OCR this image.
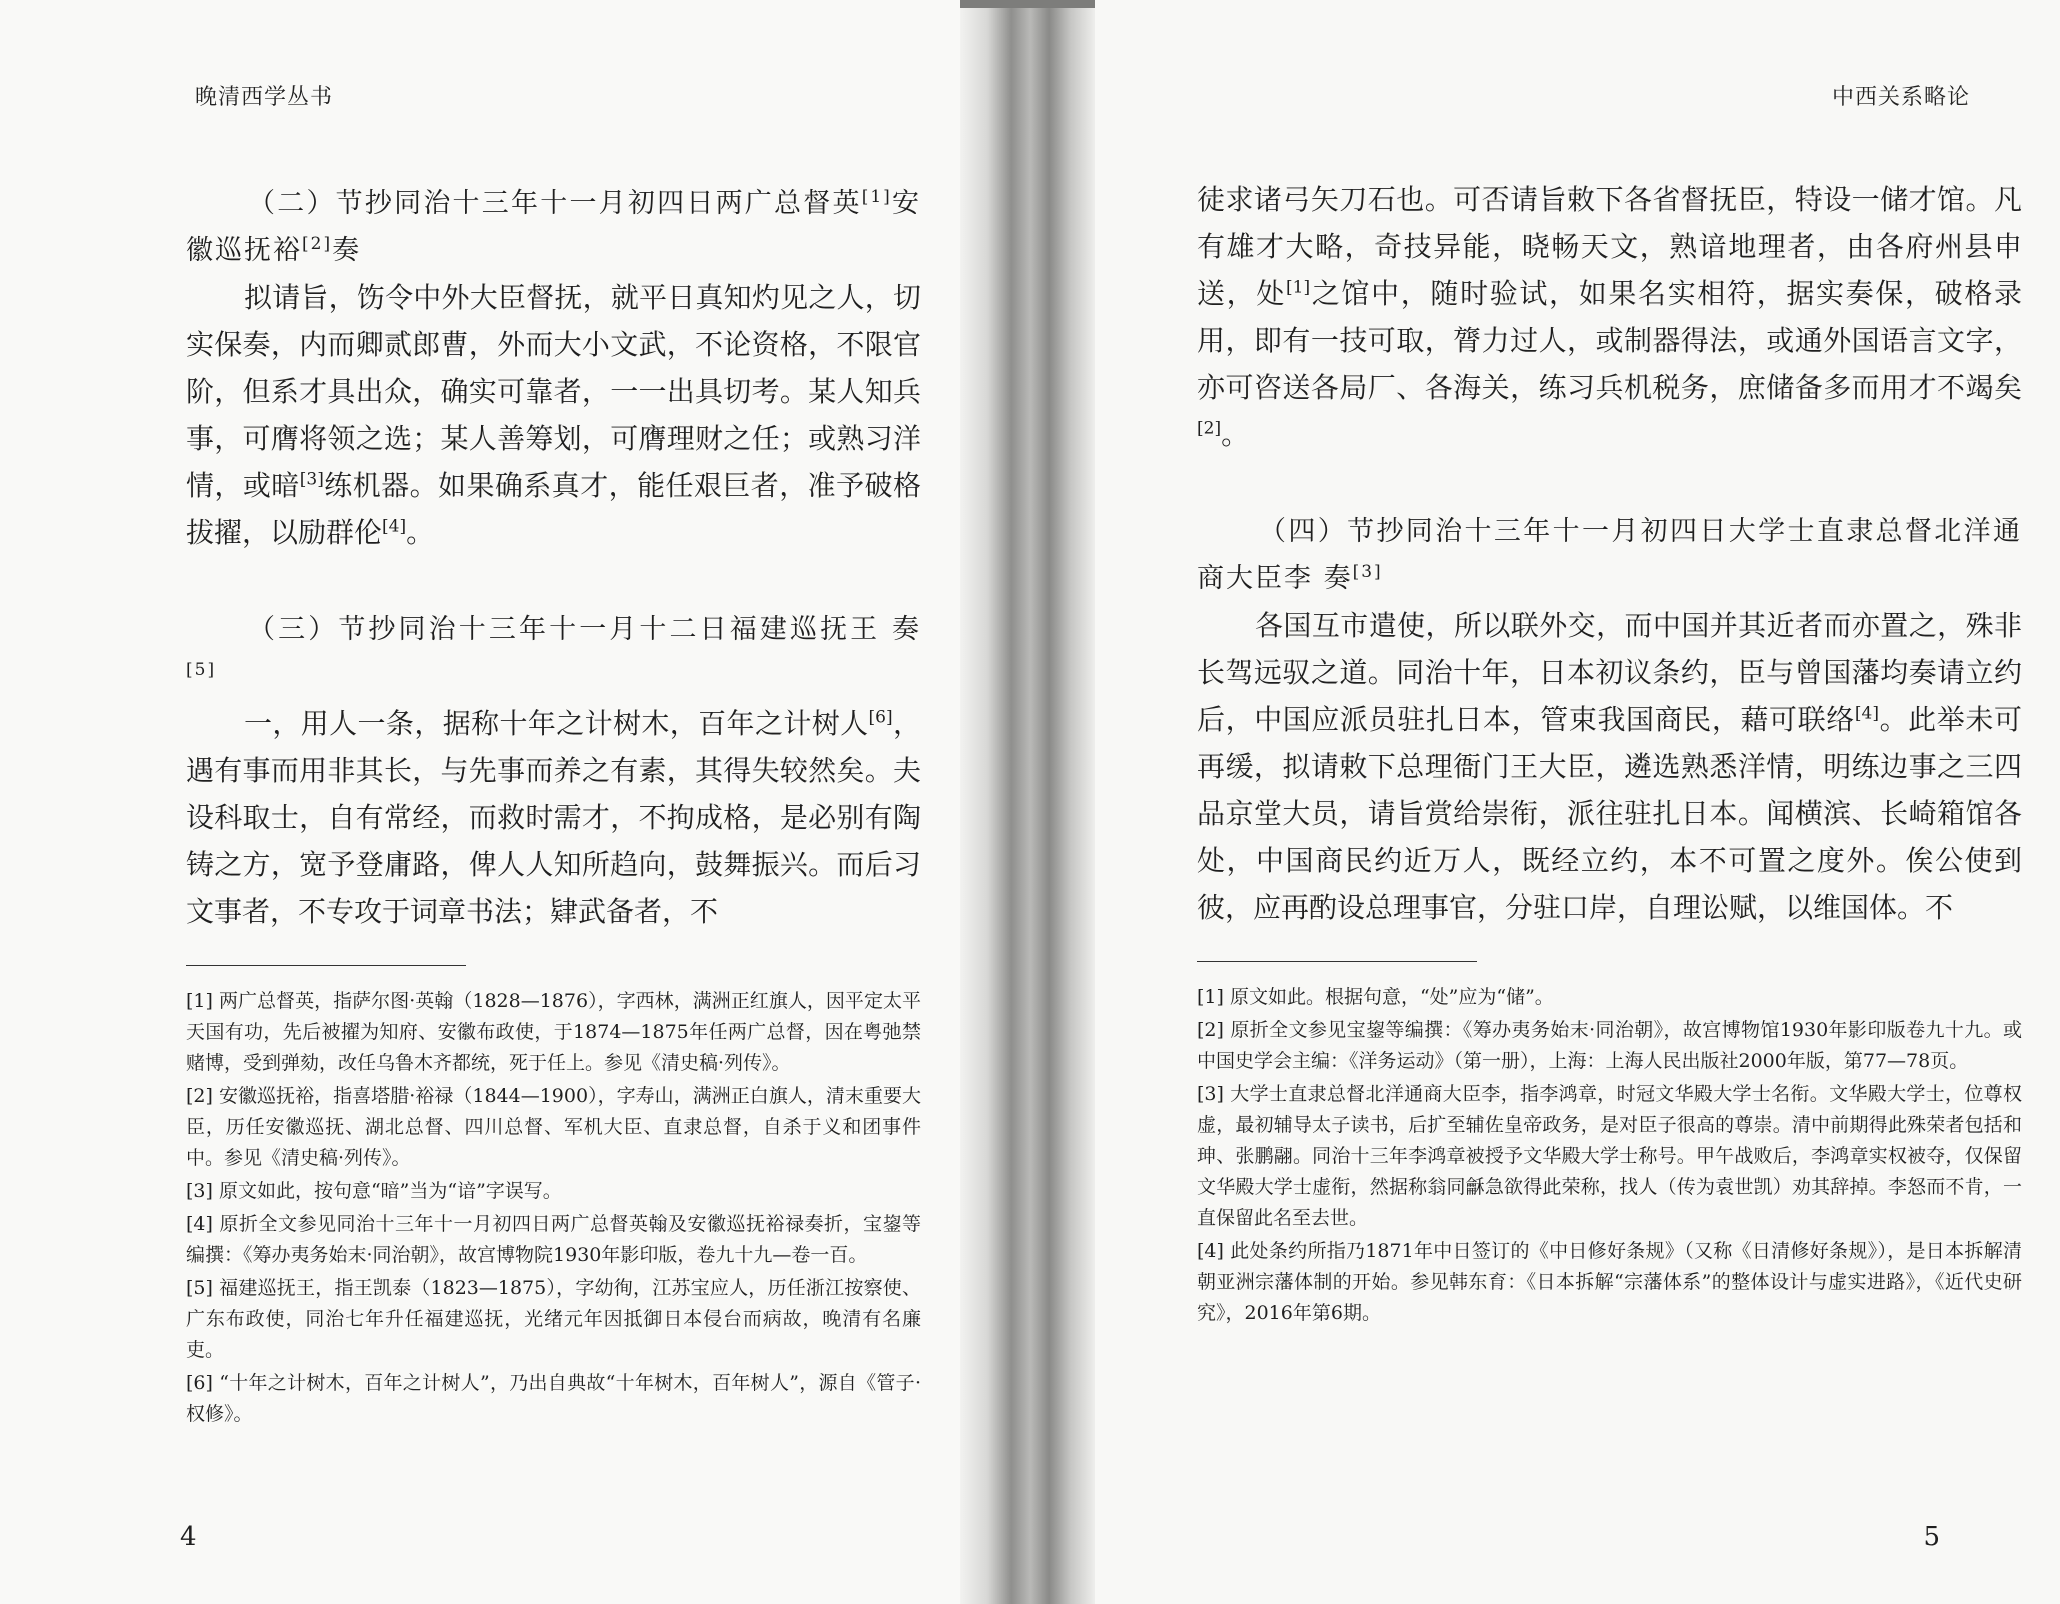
晚清西学丛书

（二）节抄同治十三年十一月初四日两广总督英[1]安徽巡抚裕[2]奏

拟请旨，饬令中外大臣督抚，就平日真知灼见之人，切实保奏，内而卿贰郎曹，外而大小文武，不论资格，不限官阶，但系才具出众，确实可靠者，一一出具切考。某人知兵事，可膺将领之选；某人善筹划，可膺理财之任；或熟习洋情，或暗[3]练机器。如果确系真才，能任艰巨者，准予破格拔擢，以励群伦[4]。

（三）节抄同治十三年十一月十二日福建巡抚王 奏[5]

一，用人一条，据称十年之计树木，百年之计树人[6]，遇有事而用非其长，与先事而养之有素，其得失较然矣。夫设科取士，自有常经，而救时需才，不拘成格，是必别有陶铸之方，宽予登庸路，俾人人知所趋向，鼓舞振兴。而后习文事者，不专攻于词章书法；肄武备者，不

[1] 两广总督英，指萨尔图·英翰（1828—1876），字西林，满洲正红旗人，因平定太平天国有功，先后被擢为知府、安徽布政使，于1874—1875年任两广总督，因在粤弛禁赌博，受到弹劾，改任乌鲁木齐都统，死于任上。参见《清史稿·列传》。

[2] 安徽巡抚裕，指喜塔腊·裕禄（1844—1900），字寿山，满洲正白旗人，清末重要大臣，历任安徽巡抚、湖北总督、四川总督、军机大臣、直隶总督，自杀于义和团事件中。参见《清史稿·列传》。

[3] 原文如此，按句意“暗”当为“谙”字误写。

[4] 原折全文参见同治十三年十一月初四日两广总督英翰及安徽巡抚裕禄奏折，宝鋆等编撰：《筹办夷务始末·同治朝》，故宫博物院1930年影印版，卷九十九—卷一百。

[5] 福建巡抚王，指王凯泰（1823—1875），字幼徇，江苏宝应人，历任浙江按察使、广东布政使，同治七年升任福建巡抚，光绪元年因抵御日本侵台而病故，晚清有名廉吏。

[6] “十年之计树木，百年之计树人”，乃出自典故“十年树木，百年树人”，源自《管子·权修》。

4
中西关系略论

徒求诸弓矢刀石也。可否请旨敕下各省督抚臣，特设一储才馆。凡有雄才大略，奇技异能，晓畅天文，熟谙地理者，由各府州县申送，处[1]之馆中，随时验试，如果名实相符，据实奏保，破格录用，即有一技可取，膂力过人，或制器得法，或通外国语言文字，亦可咨送各局厂、各海关，练习兵机税务，庶储备多而用才不竭矣[2]。

（四）节抄同治十三年十一月初四日大学士直隶总督北洋通商大臣李 奏[3]

各国互市遣使，所以联外交，而中国并其近者而亦置之，殊非长驾远驭之道。同治十年，日本初议条约，臣与曾国藩均奏请立约后，中国应派员驻扎日本，管束我国商民，藉可联络[4]。此举未可再缓，拟请敕下总理衙门王大臣，遴选熟悉洋情，明练边事之三四品京堂大员，请旨赏给崇衔，派往驻扎日本。闻横滨、长崎箱馆各处，中国商民约近万人，既经立约，本不可置之度外。俟公使到彼，应再酌设总理事官，分驻口岸，自理讼赋，以维国体。不

[1] 原文如此。根据句意，“处”应为“储”。

[2] 原折全文参见宝鋆等编撰：《筹办夷务始末·同治朝》，故宫博物馆1930年影印版卷九十九。或中国史学会主编：《洋务运动》（第一册），上海：上海人民出版社2000年版，第77—78页。

[3] 大学士直隶总督北洋通商大臣李，指李鸿章，时冠文华殿大学士名衔。文华殿大学士，位尊权虚，最初辅导太子读书，后扩至辅佐皇帝政务，是对臣子很高的尊崇。清中前期得此殊荣者包括和珅、张鹏翮。同治十三年李鸿章被授予文华殿大学士称号。甲午战败后，李鸿章实权被夺，仅保留文华殿大学士虚衔，然据称翁同龢急欲得此荣称，找人（传为袁世凯）劝其辞掉。李怒而不肯，一直保留此名至去世。

[4] 此处条约所指乃1871年中日签订的《中日修好条规》（又称《日清修好条规》），是日本拆解清朝亚洲宗藩体制的开始。参见韩东育：《日本拆解“宗藩体系”的整体设计与虚实进路》，《近代史研究》，2016年第6期。

5
